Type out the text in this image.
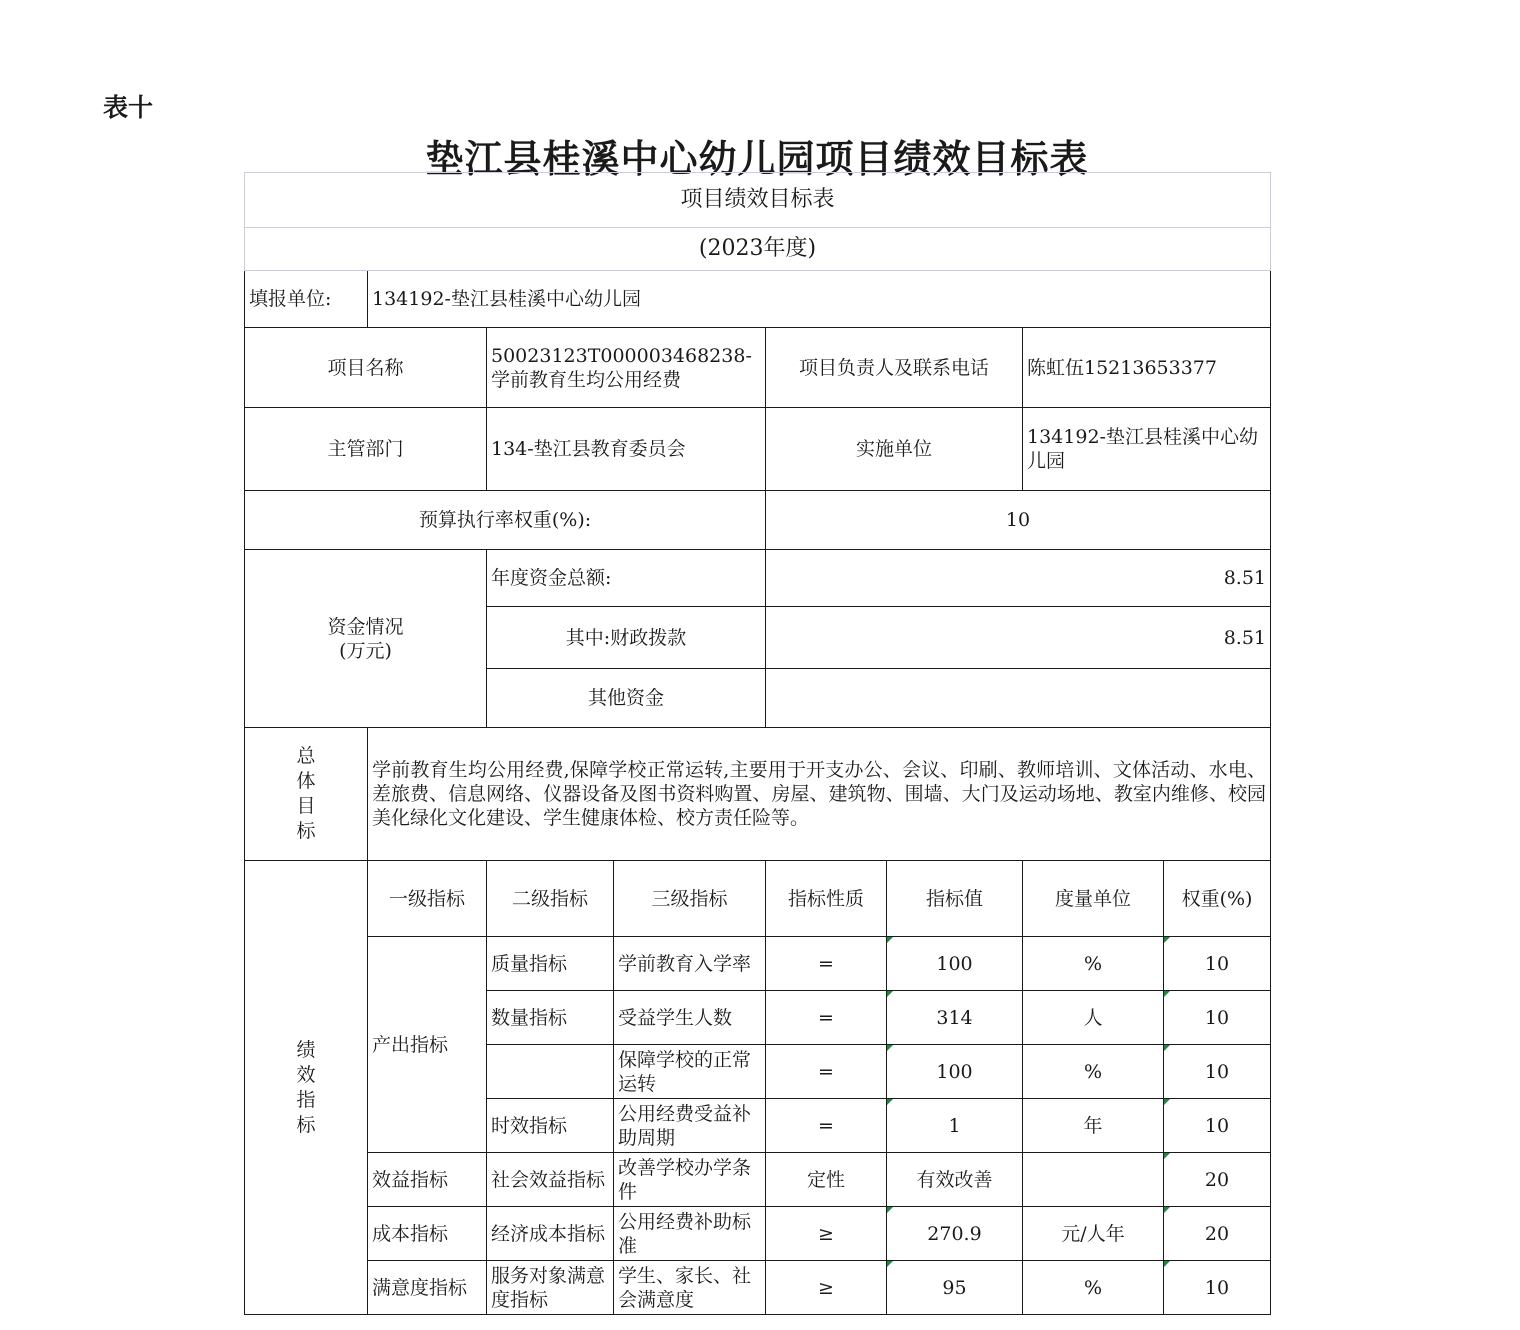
表十
垫江县桂溪中心幼儿园项目绩效目标表
项目绩效目标表							
(2023年度)							
填报单位:	134192-垫江县桂溪中心幼儿园						
项目名称		50023123T000003468238-学前教育生均公用经费		项目负责人及联系电话		陈虹伍15213653377	
主管部门		134-垫江县教育委员会		实施单位		134192-垫江县桂溪中心幼儿园	
预算执行率权重(%):				10			

资金情况
(万元)		年度资金总额:		8.51			
		其中:财政拨款		8.51			
		其他资金					
总
体
目
标	学前教育生均公用经费,保障学校正常运转,主要用于开支办公、会议、印刷、教师培训、文体活动、水电、差旅费、信息网络、仪器设备及图书资料购置、房屋、建筑物、围墙、大门及运动场地、教室内维修、校园美化绿化文化建设、学生健康体检、校方责任险等。						
绩
效
指
标	一级指标	二级指标	三级指标	指标性质	指标值	度量单位	权重(%)
	产出指标	质量指标	学前教育入学率	=	100	%	10
		数量指标	受益学生人数	=	314	人	10
			保障学校的正常运转	=	100	%	10
		时效指标	公用经费受益补助周期	=	1	年	10
	效益指标	社会效益指标	改善学校办学条件	定性	有效改善		20
	成本指标	经济成本指标	公用经费补助标准	≥	270.9	元/人年	20
	满意度指标	服务对象满意度指标	学生、家长、社会满意度	≥	95	%	10
